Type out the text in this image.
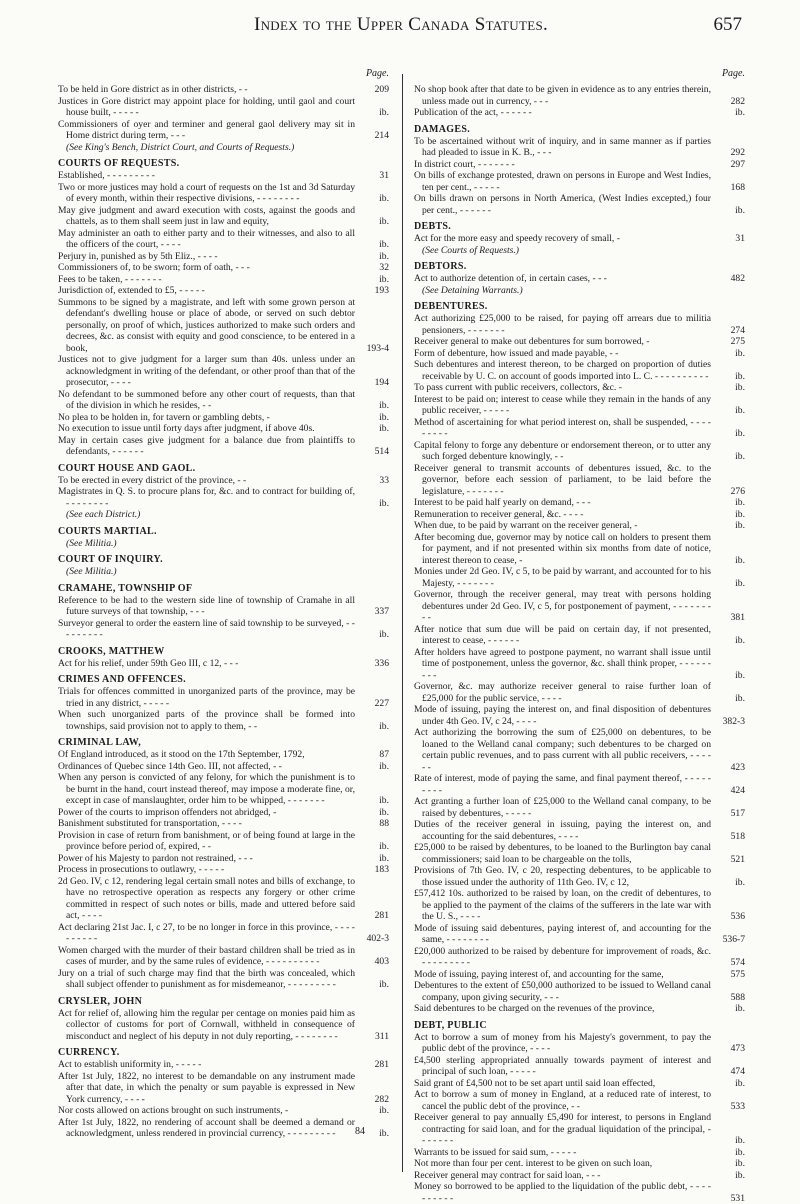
Index to the Upper Canada Statutes.	657
Page.
To be held in Gore district as in other districts, - -	209
Justices in Gore district may appoint place for holding, until gaol and court house built, - - - - -	ib.
Commissioners of oyer and terminer and general gaol delivery may sit in Home district during term, - - -	214
(See King's Bench, District Court, and Courts of Requests.)
COURTS OF REQUESTS.
Established, - - - - - - - - -	31
Two or more justices may hold a court of requests on the 1st and 3d Saturday of every month, within their respective divisions, - - - - - - - -	ib.
May give judgment and award execution with costs, against the goods and chattels, as to them shall seem just in law and equity,	ib.
May administer an oath to either party and to their witnesses, and also to all the officers of the court, - - - -	ib.
Perjury in, punished as by 5th Eliz., - - - -	ib.
Commissioners of, to be sworn; form of oath, - - -	32
Fees to be taken, - - - - - - -	ib.
Jurisdiction of, extended to £5, - - - - -	193
Summons to be signed by a magistrate, and left with some grown person at defendant's dwelling house or place of abode, or served on such debtor personally, on proof of which, justices authorized to make such orders and decrees, &c. as consist with equity and good conscience, to be entered in a book,	193-4
Justices not to give judgment for a larger sum than 40s. unless under an acknowledgment in writing of the defendant, or other proof than that of the prosecutor, - - - -	194
No defendant to be summoned before any other court of requests, than that of the division in which he resides, - -	ib.
No plea to be holden in, for tavern or gambling debts, -	ib.
No execution to issue until forty days after judgment, if above 40s.	ib.
May in certain cases give judgment for a balance due from plaintiffs to defendants, - - - - - -	514
COURT HOUSE AND GAOL.
To be erected in every district of the province, - -	33
Magistrates in Q. S. to procure plans for, &c. and to contract for building of, - - - - - - - -	ib.
(See each District.)
COURTS MARTIAL.
(See Militia.)
COURT OF INQUIRY.
(See Militia.)
CRAMAHE, TOWNSHIP OF
Reference to be had to the western side line of township of Cramahe in all future surveys of that township, - - -	337
Surveyor general to order the eastern line of said township to be surveyed, - - - - - - - - -	ib.
CROOKS, MATTHEW
Act for his relief, under 59th Geo III, c 12, - - -	336
CRIMES AND OFFENCES.
Trials for offences committed in unorganized parts of the province, may be tried in any district, - - - - -	227
When such unorganized parts of the province shall be formed into townships, said provision not to apply to them, - -	ib.
CRIMINAL LAW,
Of England introduced, as it stood on the 17th September, 1792,	87
Ordinances of Quebec since 14th Geo. III, not affected, - -	ib.
When any person is convicted of any felony, for which the punishment is to be burnt in the hand, court instead thereof, may impose a moderate fine, or, except in case of manslaughter, order him to be whipped, - - - - - - -	ib.
Power of the courts to imprison offenders not abridged, -	ib.
Banishment substituted for transportation, - - - -	88
Provision in case of return from banishment, or of being found at large in the province before period of, expired, - -	ib.
Power of his Majesty to pardon not restrained, - - -	ib.
Process in prosecutions to outlawry, - - - - -	183
2d Geo. IV, c 12, rendering legal certain small notes and bills of exchange, to have no retrospective operation as respects any forgery or other crime committed in respect of such notes or bills, made and uttered before said act, - - - -	281
Act declaring 21st Jac. I, c 27, to be no longer in force in this province, - - - - - - - - - -	402-3
Women charged with the murder of their bastard children shall be tried as in cases of murder, and by the same rules of evidence, - - - - - - - - - -	403
Jury on a trial of such charge may find that the birth was concealed, which shall subject offender to punishment as for misdemeanor, - - - - - - - - -	ib.
CRYSLER, JOHN
Act for relief of, allowing him the regular per centage on monies paid him as collector of customs for port of Cornwall, withheld in consequence of misconduct and neglect of his deputy in not duly reporting, - - - - - - - -	311
CURRENCY.
Act to establish uniformity in, - - - - -	281
After 1st July, 1822, no interest to be demandable on any instrument made after that date, in which the penalty or sum payable is expressed in New York currency, - - - -	282
Nor costs allowed on actions brought on such instruments, -	ib.
After 1st July, 1822, no rendering of account shall be deemed a demand or acknowledgment, unless rendered in provincial currency, - - - - - - - - -	ib.
Page.
No shop book after that date to be given in evidence as to any entries therein, unless made out in currency, - - -	282
Publication of the act, - - - - - -	ib.
DAMAGES.
To be ascertained without writ of inquiry, and in same manner as if parties had pleaded to issue in K. B., - - -	292
In district court, - - - - - - -	297
On bills of exchange protested, drawn on persons in Europe and West Indies, ten per cent., - - - - -	168
On bills drawn on persons in North America, (West Indies excepted,) four per cent., - - - - - -	ib.
DEBTS.
Act for the more easy and speedy recovery of small, -	31
(See Courts of Requests.)
DEBTORS.
Act to authorize detention of, in certain cases, - - -	482
(See Detaining Warrants.)
DEBENTURES.
Act authorizing £25,000 to be raised, for paying off arrears due to militia pensioners, - - - - - - -	274
Receiver general to make out debentures for sum borrowed, -	275
Form of debenture, how issued and made payable, - -	ib.
Such debentures and interest thereon, to be charged on proportion of duties receivable by U. C. on account of goods imported into L. C. - - - - - - - - - -	ib.
To pass current with public receivers, collectors, &c. -	ib.
Interest to be paid on; interest to cease while they remain in the hands of any public receiver, - - - - -	ib.
Method of ascertaining for what period interest on, shall be suspended, - - - - - - - - -	ib.
Capital felony to forge any debenture or endorsement thereon, or to utter any such forged debenture knowingly, - -	ib.
Receiver general to transmit accounts of debentures issued, &c. to the governor, before each session of parliament, to be laid before the legislature, - - - - - - -	276
Interest to be paid half yearly on demand, - - -	ib.
Remuneration to receiver general, &c. - - - -	ib.
When due, to be paid by warrant on the receiver general, -	ib.
After becoming due, governor may by notice call on holders to present them for payment, and if not presented within six months from date of notice, interest thereon to cease, -	ib.
Monies under 2d Geo. IV, c 5, to be paid by warrant, and accounted for to his Majesty, - - - - - - -	ib.
Governor, through the receiver general, may treat with persons holding debentures under 2d Geo. IV, c 5, for postponement of payment, - - - - - - - - -	381
After notice that sum due will be paid on certain day, if not presented, interest to cease, - - - - - -	ib.
After holders have agreed to postpone payment, no warrant shall issue until time of postponement, unless the governor, &c. shall think proper, - - - - - - - - -	ib.
Governor, &c. may authorize receiver general to raise further loan of £25,000 for the public service, - - - -	ib.
Mode of issuing, paying the interest on, and final disposition of debentures under 4th Geo. IV, c 24, - - - -	382-3
Act authorizing the borrowing the sum of £25,000 on debentures, to be loaned to the Welland canal company; such debentures to be charged on certain public revenues, and to pass current with all public receivers, - - - - - -	423
Rate of interest, mode of paying the same, and final payment thereof, - - - - - - - - -	424
Act granting a further loan of £25,000 to the Welland canal company, to be raised by debentures, - - - - -	517
Duties of the receiver general in issuing, paying the interest on, and accounting for the said debentures, - - - -	518
£25,000 to be raised by debentures, to be loaned to the Burlington bay canal commissioners; said loan to be chargeable on the tolls,	521
Provisions of 7th Geo. IV, c 20, respecting debentures, to be applicable to those issued under the authority of 11th Geo. IV, c 12,	ib.
£57,412 10s. authorized to be raised by loan, on the credit of debentures, to be applied to the payment of the claims of the sufferers in the late war with the U. S., - - - -	536
Mode of issuing said debentures, paying interest of, and accounting for the same, - - - - - - - -	536-7
£20,000 authorized to be raised by debenture for improvement of roads, &c. - - - - - - - - -	574
Mode of issuing, paying interest of, and accounting for the same,	575
Debentures to the extent of £50,000 authorized to be issued to Welland canal company, upon giving security, - - -	588
Said debentures to be charged on the revenues of the province,	ib.
DEBT, PUBLIC
Act to borrow a sum of money from his Majesty's government, to pay the public debt of the province, - - - -	473
£4,500 sterling appropriated annually towards payment of interest and principal of such loan, - - - - -	474
Said grant of £4,500 not to be set apart until said loan effected,	ib.
Act to borrow a sum of money in England, at a reduced rate of interest, to cancel the public debt of the province, - -	533
Receiver general to pay annually £5,490 for interest, to persons in England contracting for said loan, and for the gradual liquidation of the principal, - - - - - - -	ib.
Warrants to be issued for said sum, - - - - -	ib.
Not more than four per cent. interest to be given on such loan,	ib.
Receiver general may contract for said loan, - - -	ib.
Money so borrowed to be applied to the liquidation of the public debt, - - - - - - - - - -	531
84
